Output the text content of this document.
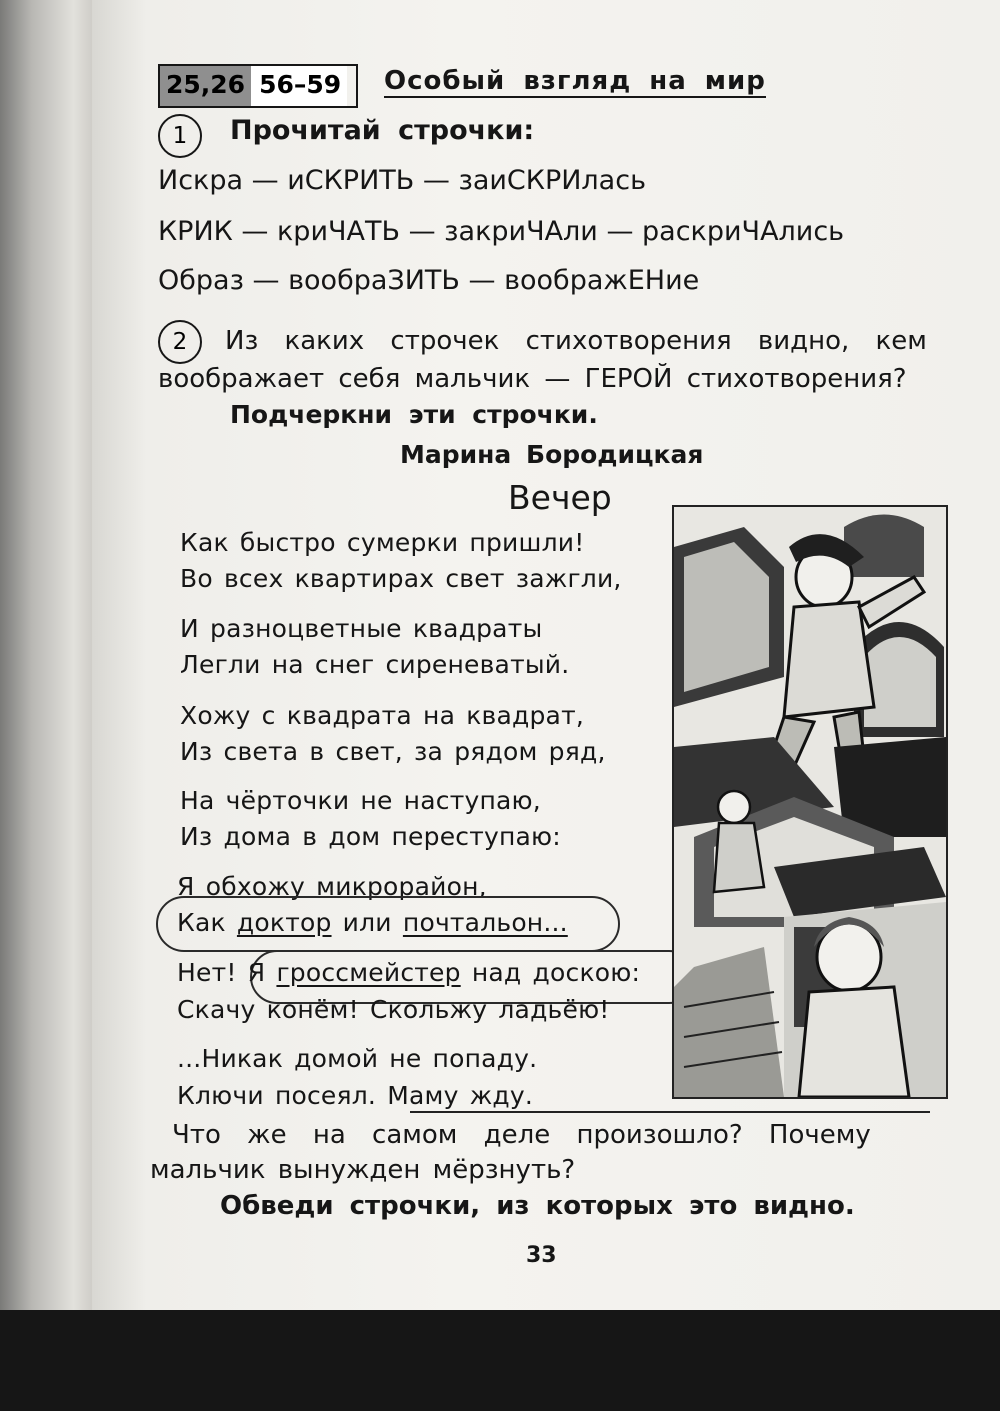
25,26 56–59 Особый взгляд на мир
1 Прочитай строчки:
Искра — иСКРИТЬ — заиСКРИлась
КРИК — криЧАТЬ — закриЧАли — раскриЧАлись
Образ — вообраЗИТЬ — воображЕНие
2 Из каких строчек стихотворения видно, кем
воображает себя мальчик — ГЕРОЙ стихотворения?
Подчеркни эти строчки.
Марина Бородицкая
Вечер
Как быстро сумерки пришли!
Во всех квартирах свет зажгли,
И разноцветные квадраты
Легли на снег сиреневатый.
Хожу с квадрата на квадрат,
Из света в свет, за рядом ряд,
На чёрточки не наступаю,
Из дома в дом переступаю:
Я обхожу микрорайон,
Как доктор или почтальон...
Нет! Я гроссмейстер над доскою:
Скачу конём! Скольжу ладьёю!
...Никак домой не попаду.
Ключи посеял. Маму жду.
Что же на самом деле произошло? Почему
мальчик вынужден мёрзнуть?
Обведи строчки, из которых это видно.
33
